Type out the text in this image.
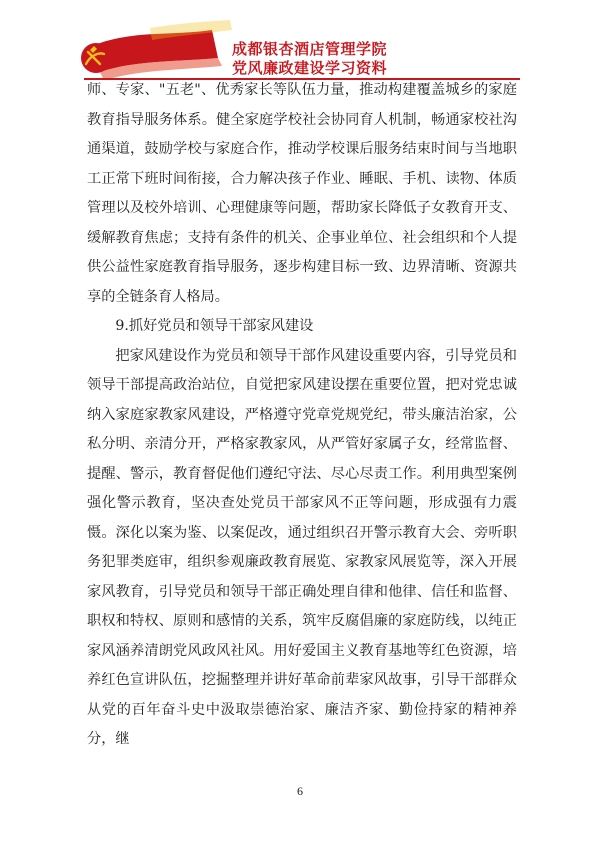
成都银杏酒店管理学院
党风廉政建设学习资料

师、专家、"五老"、优秀家长等队伍力量，推动构建覆盖城乡的家庭教育指导服务体系。健全家庭学校社会协同育人机制，畅通家校社沟通渠道，鼓励学校与家庭合作，推动学校课后服务结束时间与当地职工正常下班时间衔接，合力解决孩子作业、睡眠、手机、读物、体质管理以及校外培训、心理健康等问题，帮助家长降低子女教育开支、缓解教育焦虑；支持有条件的机关、企事业单位、社会组织和个人提供公益性家庭教育指导服务，逐步构建目标一致、边界清晰、资源共享的全链条育人格局。

9.抓好党员和领导干部家风建设

把家风建设作为党员和领导干部作风建设重要内容，引导党员和领导干部提高政治站位，自觉把家风建设摆在重要位置，把对党忠诚纳入家庭家教家风建设，严格遵守党章党规党纪，带头廉洁治家，公私分明、亲清分开，严格家教家风，从严管好家属子女，经常监督、提醒、警示，教育督促他们遵纪守法、尽心尽责工作。利用典型案例强化警示教育，坚决查处党员干部家风不正等问题，形成强有力震慑。深化以案为鉴、以案促改，通过组织召开警示教育大会、旁听职务犯罪类庭审，组织参观廉政教育展览、家教家风展览等，深入开展家风教育，引导党员和领导干部正确处理自律和他律、信任和监督、职权和特权、原则和感情的关系，筑牢反腐倡廉的家庭防线，以纯正家风涵养清朗党风政风社风。用好爱国主义教育基地等红色资源，培养红色宣讲队伍，挖掘整理并讲好革命前辈家风故事，引导干部群众从党的百年奋斗史中汲取崇德治家、廉洁齐家、勤俭持家的精神养分，继

6
